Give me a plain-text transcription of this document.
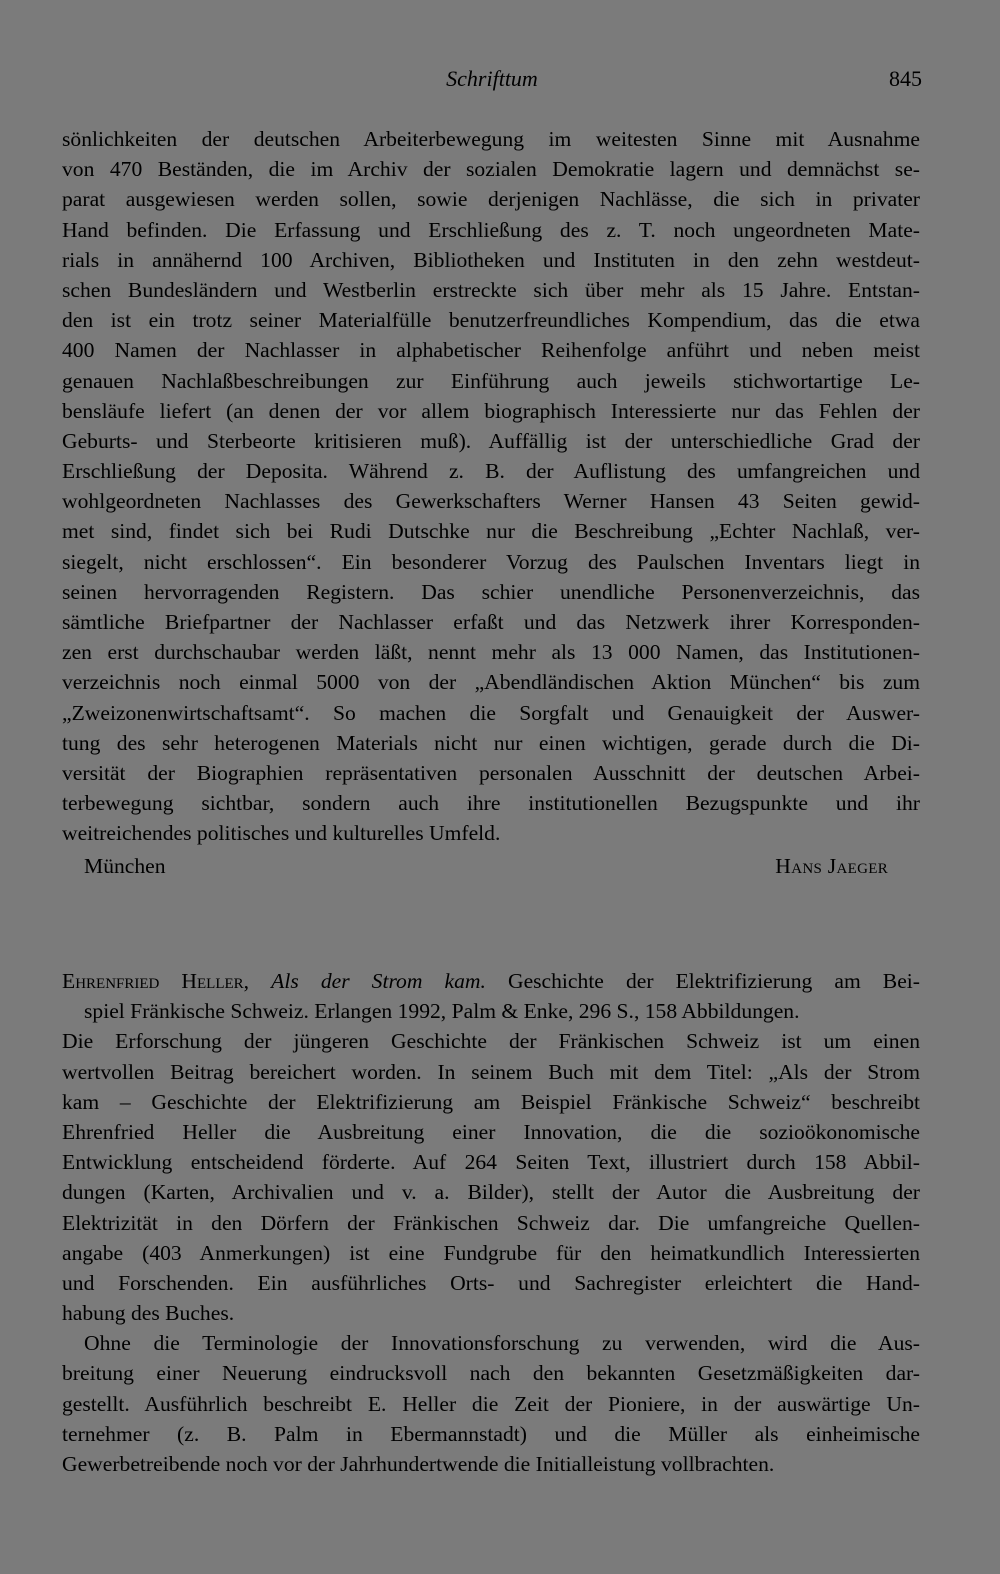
Schrifttum	845
sönlichkeiten der deutschen Arbeiterbewegung im weitesten Sinne mit Ausnahme
von 470 Beständen, die im Archiv der sozialen Demokratie lagern und demnächst se-
parat ausgewiesen werden sollen, sowie derjenigen Nachlässe, die sich in privater
Hand befinden. Die Erfassung und Erschließung des z. T. noch ungeordneten Mate-
rials in annähernd 100 Archiven, Bibliotheken und Instituten in den zehn westdeut-
schen Bundesländern und Westberlin erstreckte sich über mehr als 15 Jahre. Entstan-
den ist ein trotz seiner Materialfülle benutzerfreundliches Kompendium, das die etwa
400 Namen der Nachlasser in alphabetischer Reihenfolge anführt und neben meist
genauen Nachlaßbeschreibungen zur Einführung auch jeweils stichwortartige Le-
bensläufe liefert (an denen der vor allem biographisch Interessierte nur das Fehlen der
Geburts- und Sterbeorte kritisieren muß). Auffällig ist der unterschiedliche Grad der
Erschließung der Deposita. Während z. B. der Auflistung des umfangreichen und
wohlgeordneten Nachlasses des Gewerkschafters Werner Hansen 43 Seiten gewid-
met sind, findet sich bei Rudi Dutschke nur die Beschreibung „Echter Nachlaß, ver-
siegelt, nicht erschlossen“. Ein besonderer Vorzug des Paulschen Inventars liegt in
seinen hervorragenden Registern. Das schier unendliche Personenverzeichnis, das
sämtliche Briefpartner der Nachlasser erfaßt und das Netzwerk ihrer Korresponden-
zen erst durchschaubar werden läßt, nennt mehr als 13 000 Namen, das Institutionen-
verzeichnis noch einmal 5000 von der „Abendländischen Aktion München“ bis zum
„Zweizonenwirtschaftsamt“. So machen die Sorgfalt und Genauigkeit der Auswer-
tung des sehr heterogenen Materials nicht nur einen wichtigen, gerade durch die Di-
versität der Biographien repräsentativen personalen Ausschnitt der deutschen Arbei-
terbewegung sichtbar, sondern auch ihre institutionellen Bezugspunkte und ihr
weitreichendes politisches und kulturelles Umfeld.
München	Hans Jaeger
Ehrenfried Heller, Als der Strom kam. Geschichte der Elektrifizierung am Bei-
spiel Fränkische Schweiz. Erlangen 1992, Palm & Enke, 296 S., 158 Abbildungen.
Die Erforschung der jüngeren Geschichte der Fränkischen Schweiz ist um einen
wertvollen Beitrag bereichert worden. In seinem Buch mit dem Titel: „Als der Strom
kam – Geschichte der Elektrifizierung am Beispiel Fränkische Schweiz“ beschreibt
Ehrenfried Heller die Ausbreitung einer Innovation, die die sozioökonomische
Entwicklung entscheidend förderte. Auf 264 Seiten Text, illustriert durch 158 Abbil-
dungen (Karten, Archivalien und v. a. Bilder), stellt der Autor die Ausbreitung der
Elektrizität in den Dörfern der Fränkischen Schweiz dar. Die umfangreiche Quellen-
angabe (403 Anmerkungen) ist eine Fundgrube für den heimatkundlich Interessierten
und Forschenden. Ein ausführliches Orts- und Sachregister erleichtert die Hand-
habung des Buches.
Ohne die Terminologie der Innovationsforschung zu verwenden, wird die Aus-
breitung einer Neuerung eindrucksvoll nach den bekannten Gesetzmäßigkeiten dar-
gestellt. Ausführlich beschreibt E. Heller die Zeit der Pioniere, in der auswärtige Un-
ternehmer (z. B. Palm in Ebermannstadt) und die Müller als einheimische
Gewerbetreibende noch vor der Jahrhundertwende die Initialleistung vollbrachten.
